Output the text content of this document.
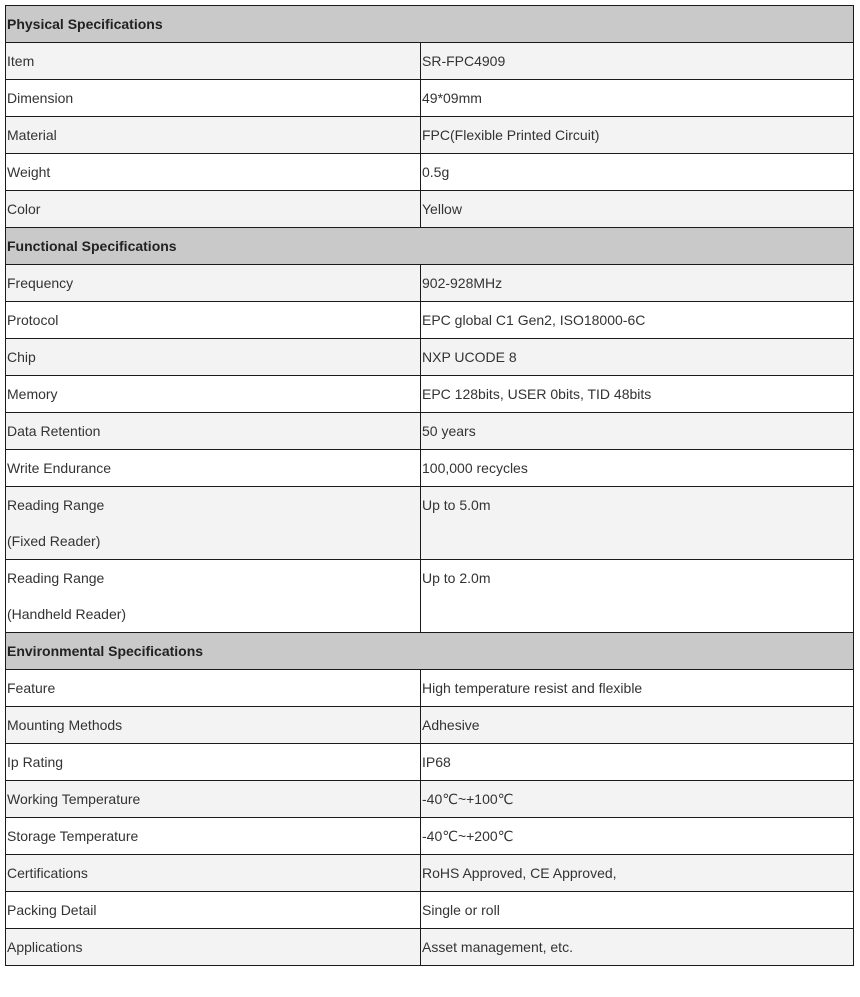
Physical Specifications	
Item	SR-FPC4909
Dimension	49*09mm
Material	FPC(Flexible Printed Circuit)
Weight	0.5g
Color	Yellow
Functional Specifications	
Frequency	902-928MHz
Protocol	EPC global C1 Gen2, ISO18000-6C
Chip	NXP UCODE 8
Memory	EPC 128bits, USER 0bits, TID 48bits
Data Retention	50 years
Write Endurance	100,000 recycles

Reading Range
(Fixed Reader)	Up to 5.0m

Reading Range
(Handheld Reader)	Up to 2.0m
Environmental Specifications	
Feature	High temperature resist and flexible
Mounting Methods	Adhesive
Ip Rating	IP68
Working Temperature	-40℃~+100℃
Storage Temperature	-40℃~+200℃
Certifications	RoHS Approved, CE Approved,
Packing Detail	Single or roll
Applications	Asset management, etc.
